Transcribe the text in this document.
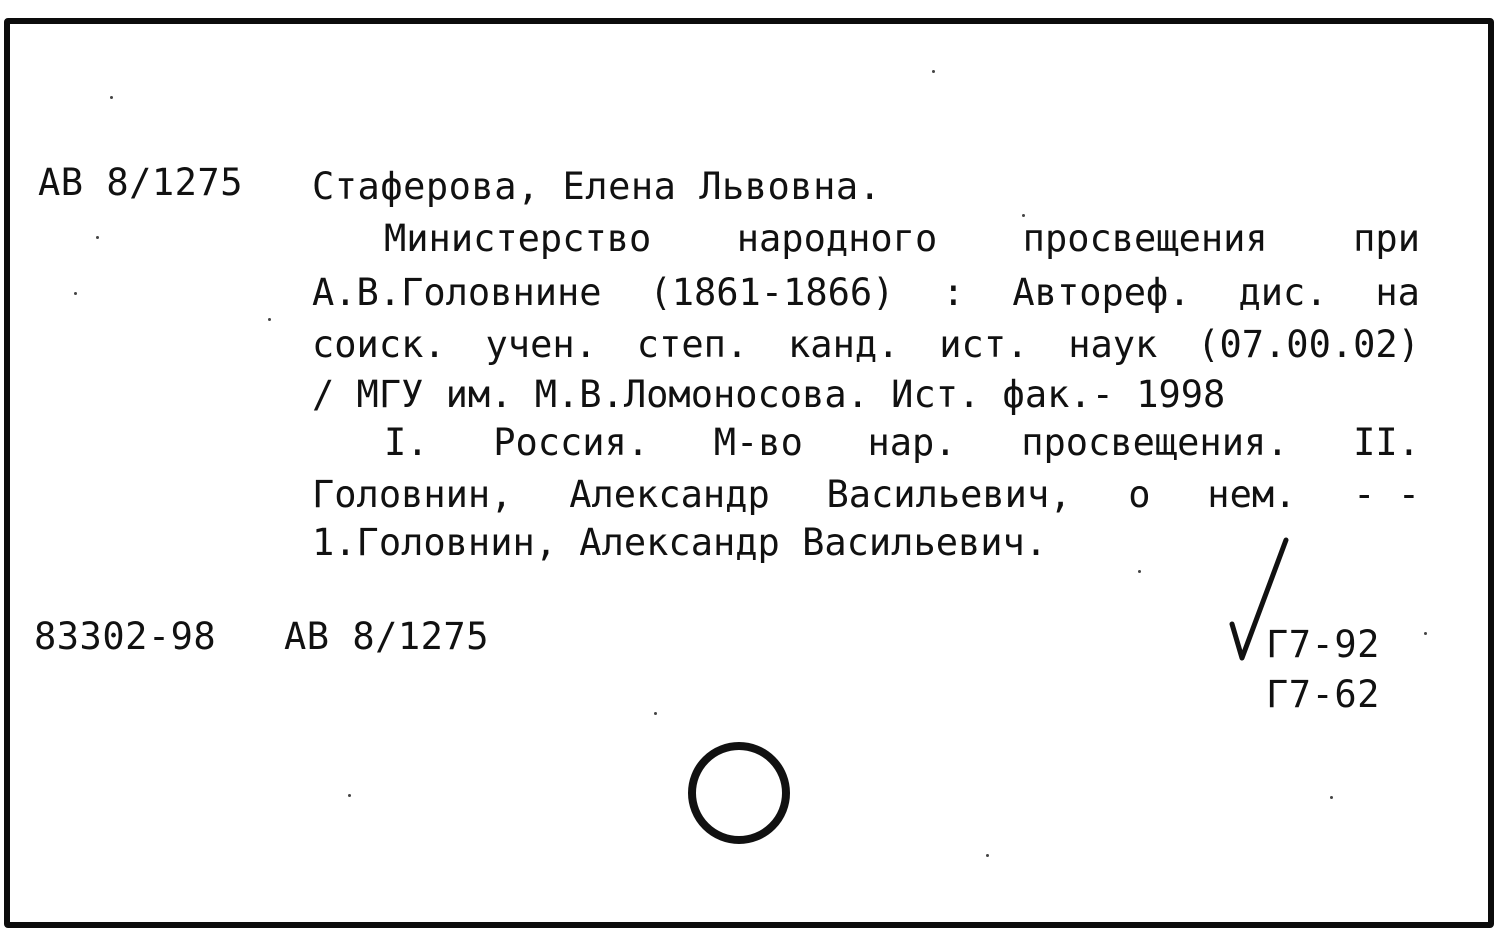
АВ 8/1275 Стаферова, Елена Львовна.
Министерство народного просвещения при
А.В.Головнине (1861-1866) : Автореф. дис. на
соиск. учен. степ. канд. ист. наук (07.00.02)
/ МГУ им. М.В.Ломоносова. Ист. фак.- 1998
I. Россия. М-во нар. просвещения. II.
Головнин, Александр Васильевич, о нем. - -
1.Головнин, Александр Васильевич.
83302-98 АВ 8/1275	Г7-92
Г7-62
